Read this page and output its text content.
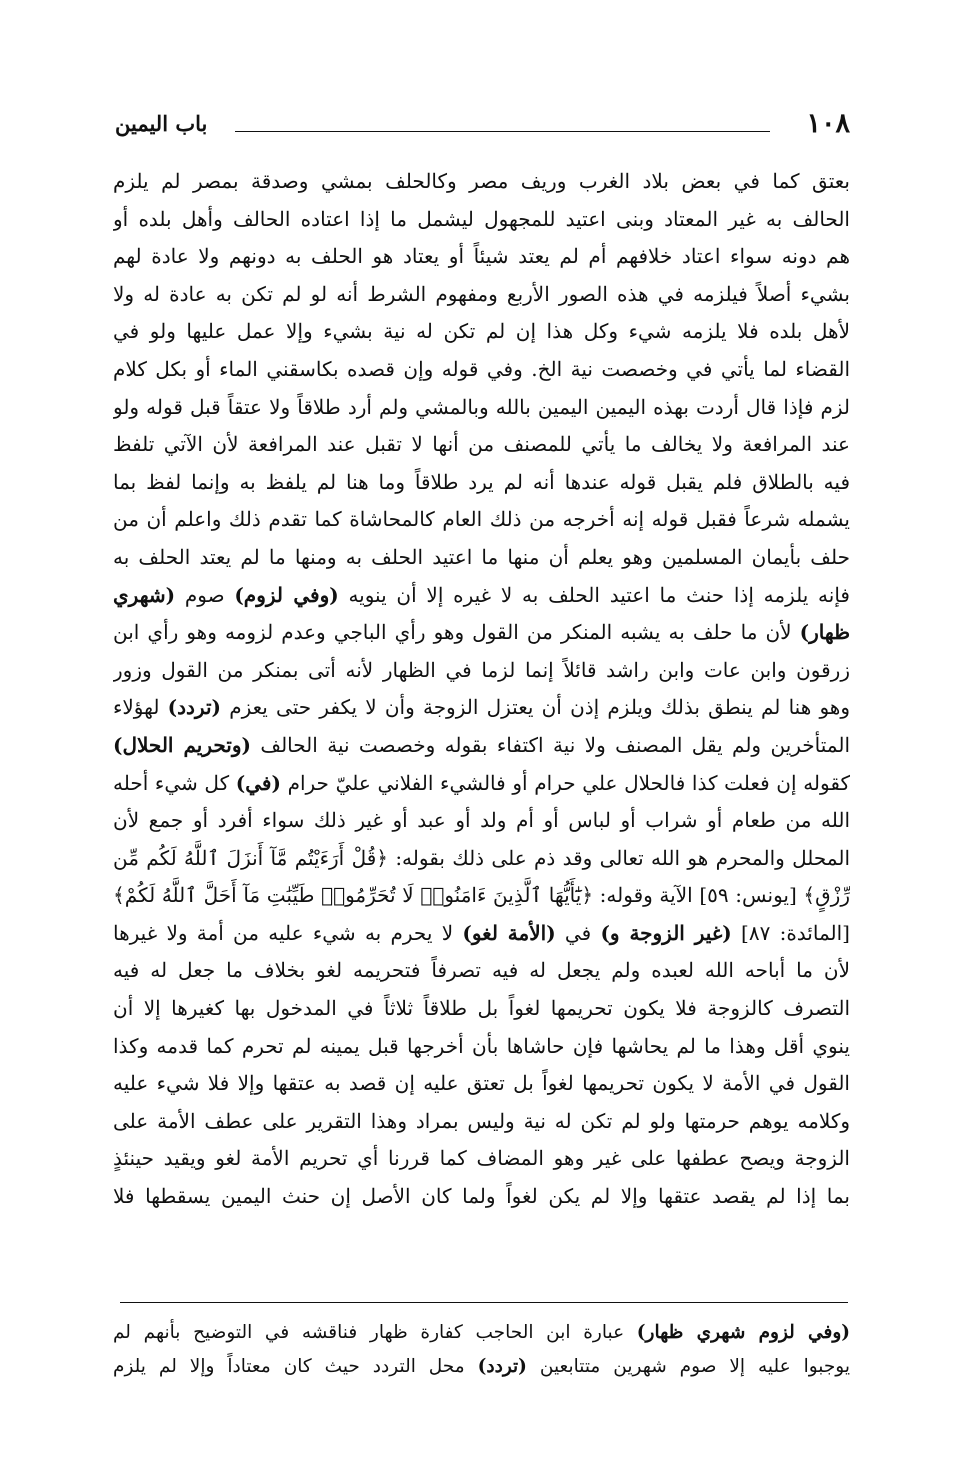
١٠٨
باب اليمين
بعتق كما في بعض بلاد الغرب وريف مصر وكالحلف بمشي وصدقة بمصر لم يلزم
الحالف به غير المعتاد وبنى اعتيد للمجهول ليشمل ما إذا اعتاده الحالف وأهل بلده أو
هم دونه سواء اعتاد خلافهم أم لم يعتد شيئاً أو يعتاد هو الحلف به دونهم ولا عادة لهم
بشيء أصلاً فيلزمه في هذه الصور الأربع ومفهوم الشرط أنه لو لم تكن به عادة له ولا
لأهل بلده فلا يلزمه شيء وكل هذا إن لم تكن له نية بشيء وإلا عمل عليها ولو في
القضاء لما يأتي في وخصصت نية الخ. وفي قوله وإن قصده بكاسقني الماء أو بكل كلام
لزم فإذا قال أردت بهذه اليمين اليمين بالله وبالمشي ولم أرد طلاقاً ولا عتقاً قبل قوله ولو
عند المرافعة ولا يخالف ما يأتي للمصنف من أنها لا تقبل عند المرافعة لأن الآتي تلفظ
فيه بالطلاق فلم يقبل قوله عندها أنه لم يرد طلاقاً وما هنا لم يلفظ به وإنما لفظ بما
يشمله شرعاً فقبل قوله إنه أخرجه من ذلك العام كالمحاشاة كما تقدم ذلك واعلم أن من
حلف بأيمان المسلمين وهو يعلم أن منها ما اعتيد الحلف به ومنها ما لم يعتد الحلف به
فإنه يلزمه إذا حنث ما اعتيد الحلف به لا غيره إلا أن ينويه (وفي لزوم) صوم (شهري
ظهار) لأن ما حلف به يشبه المنكر من القول وهو رأي الباجي وعدم لزومه وهو رأي ابن
زرقون وابن عات وابن راشد قائلاً إنما لزما في الظهار لأنه أتى بمنكر من القول وزور
وهو هنا لم ينطق بذلك ويلزم إذن أن يعتزل الزوجة وأن لا يكفر حتى يعزم (تردد) لهؤلاء
المتأخرين ولم يقل المصنف ولا نية اكتفاء بقوله وخصصت نية الحالف (وتحريم الحلال)
كقوله إن فعلت كذا فالحلال علي حرام أو فالشيء الفلاني عليّ حرام (في) كل شيء أحله
الله من طعام أو شراب أو لباس أو أم ولد أو عبد أو غير ذلك سواء أفرد أو جمع لأن
المحلل والمحرم هو الله تعالى وقد ذم على ذلك بقوله: ﴿قُلْ أَرَءَيْتُم مَّآ أَنزَلَ ٱللَّهُ لَكُم مِّن
رِّزْقٍ﴾ [يونس: ٥٩] الآية وقوله: ﴿يَٰٓأَيُّهَا ٱلَّذِينَ ءَامَنُوا۟ لَا تُحَرِّمُوا۟ طَيِّبَٰتِ مَآ أَحَلَّ ٱللَّهُ لَكُمْ﴾
[المائدة: ٨٧] (غير الزوجة و) في (الأمة لغو) لا يحرم به شيء عليه من أمة ولا غيرها
لأن ما أباحه الله لعبده ولم يجعل له فيه تصرفاً فتحريمه لغو بخلاف ما جعل له فيه
التصرف كالزوجة فلا يكون تحريمها لغواً بل طلاقاً ثلاثاً في المدخول بها كغيرها إلا أن
ينوي أقل وهذا ما لم يحاشها فإن حاشاها بأن أخرجها قبل يمينه لم تحرم كما قدمه وكذا
القول في الأمة لا يكون تحريمها لغواً بل تعتق عليه إن قصد به عتقها وإلا فلا شيء عليه
وكلامه يوهم حرمتها ولو لم تكن له نية وليس بمراد وهذا التقرير على عطف الأمة على
الزوجة ويصح عطفها على غير وهو المضاف كما قررنا أي تحريم الأمة لغو ويقيد حينئذٍ
بما إذا لم يقصد عتقها وإلا لم يكن لغواً ولما كان الأصل إن حنث اليمين يسقطها فلا
(وفي لزوم شهري ظهار) عبارة ابن الحاجب كفارة ظهار فناقشه في التوضيح بأنهم لم
يوجبوا عليه إلا صوم شهرين متتابعين (تردد) محل التردد حيث كان معتاداً وإلا لم يلزم
